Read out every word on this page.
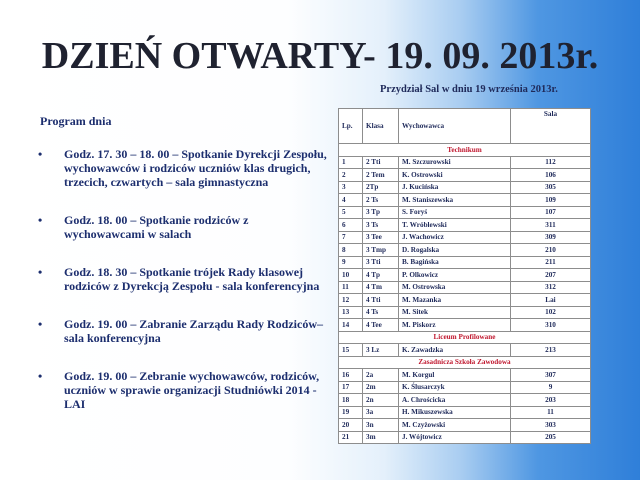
DZIEŃ OTWARTY- 19. 09. 2013r.
Przydział Sal w dniu 19 września 2013r.
Program dnia
• Godz. 17. 30 – 18. 00 – Spotkanie Dyrekcji Zespołu, wychowawców i rodziców uczniów klas drugich, trzecich, czwartych – sala gimnastyczna
• Godz. 18. 00 – Spotkanie rodziców z wychowawcami w salach
• Godz. 18. 30 – Spotkanie trójek Rady klasowej rodziców z Dyrekcją Zespołu - sala konferencyjna
• Godz. 19. 00 – Zabranie Zarządu Rady Rodziców– sala konferencyjna
• Godz. 19. 00 – Zebranie wychowawców, rodziców, uczniów w sprawie organizacji Studniówki 2014 - LAI
Lp.	Klasa	Wychowawca	Sala
Technikum			
1	2 Tti	M. Szczurowski	112
2	2 Tem	K. Ostrowski	106
3	2Tp	J. Kucińska	305
4	2 Ts	M. Staniszewska	109
5	3 Tp	S. Foryś	107
6	3 Ts	T. Wróblewski	311
7	3 Tee	J. Wachowicz	309
8	3 Tmp	D. Rogalska	210
9	3 Tti	B. Bagińska	211
10	4 Tp	P. Olkowicz	207
11	4 Tm	M. Ostrowska	312
12	4 Tti	M. Mazanka	Lai
13	4 Ts	M. Sitek	102
14	4 Tee	M. Piskorz	310
Liceum Profilowane			
15	3 Lz	K. Zawadzka	213
Zasadnicza Szkoła Zawodowa			
16	2a	M. Korgul	307
17	2m	K. Ślusarczyk	9
18	2n	A. Chrościcka	203
19	3a	H. Mikuszewska	11
20	3n	M. Czyżowski	303
21	3m	J. Wójtowicz	205
